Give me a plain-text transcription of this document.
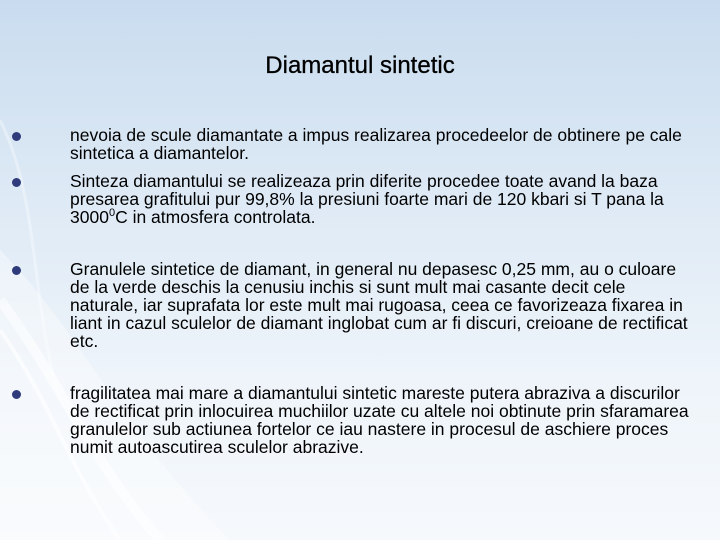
Diamantul sintetic
nevoia de scule diamantate a impus realizarea procedeelor de obtinere pe cale sintetica a diamantelor.
Sinteza diamantului se realizeaza prin diferite procedee toate avand la baza presarea grafitului pur 99,8% la presiuni foarte mari de 120 kbari si T pana la 3000$^0$C in atmosfera controlata.
Granulele sintetice de diamant, in general nu depasesc 0,25 mm, au o culoare de la verde deschis la cenusiu inchis si sunt mult mai casante decit cele naturale, iar suprafata lor este mult mai rugoasa, ceea ce favorizeaza fixarea in liant in cazul sculelor de diamant inglobat cum ar fi discuri, creioane de rectificat etc.
fragilitatea mai mare a diamantului sintetic mareste putera abraziva a discurilor de rectificat prin inlocuirea muchiilor uzate cu altele noi obtinute prin sfaramarea granulelor sub actiunea fortelor ce iau nastere in procesul de aschiere proces numit autoascutirea sculelor abrazive.
